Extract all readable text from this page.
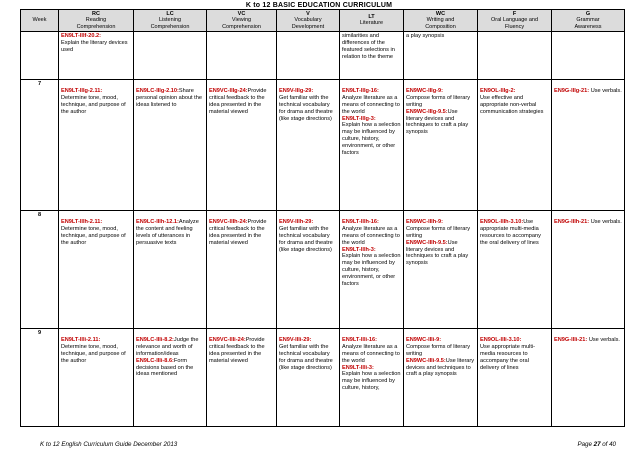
K to 12 BASIC EDUCATION CURRICULUM
Week	RC
Reading
Comprehension	LC
Listening
Comprehension	VC
Viewing
Comprehension	V
Vocabulary
Development	LT
Literature	WC
Writing and
Composition	F
Oral Language and
Fluency	G
Grammar
Awareness
	EN9LT-IIIf-20.2:
Explain the literary devices used				similarities and differences of the featured selections in relation to the theme	a play synopsis		
7	EN9LT-IIIg-2.11:
Determine tone, mood, technique, and purpose of the author	EN9LC-IIIg-2.10:Share personal opinion about the ideas listened to	EN9VC-IIIg-24:Provide critical feedback to the idea presented in the material viewed	EN9V-IIIg-29:
Get familiar with the technical vocabulary for drama and theatre (like stage directions)	EN9LT-IIIg-16:
Analyze literature as a means of connecting to the world
EN9LT-IIIg-3:
Explain how a selection may be influenced by culture, history, environment, or other factors	EN9WC-IIIg-9:
Compose forms of literary writing
EN9WC-IIIg-9.5:Use literary devices and techniques to craft a play synopsis	EN9OL-IIIg-2:
Use effective and appropriate non-verbal communication strategies	EN9G-IIIg-21: Use verbals.
8	EN9LT-IIIh-2.11:
Determine tone, mood, technique, and purpose of the author	EN9LC-IIIh-12.1:Analyze the content and feeling levels of utterances in persuasive texts	EN9VC-IIIh-24:Provide critical feedback to the idea presented in the material viewed	EN9V-IIIh-29:
Get familiar with the technical vocabulary for drama and theatre (like stage directions)	EN9LT-IIIh-16:
Analyze literature as a means of connecting to the world
EN9LT-IIIh-3:
Explain how a selection may be influenced by culture, history, environment, or other factors	EN9WC-IIIh-9:
Compose forms of literary writing
EN9WC-IIIh-9.5:Use literary devices and techniques to craft a play synopsis	EN9OL-IIIh-3.10:Use appropriate multi-media resources to accompany the oral delivery of lines	EN9G-IIIh-21: Use verbals.
9	EN9LT-IIIi-2.11:
Determine tone, mood, technique, and purpose of the author	EN9LC-IIIi-8.2:Judge the relevance and worth of information/ideas
EN9LC-IIIi-8.6:Form decisions based on the ideas mentioned	EN9VC-IIIi-24:Provide critical feedback to the idea presented in the material viewed	EN9V-IIIi-29:
Get familiar with the technical vocabulary for drama and theatre (like stage directions)	EN9LT-IIIi-16:
Analyze literature as a means of connecting to the world
EN9LT-IIIi-3:
Explain how a selection may be influenced by culture, history,	EN9WC-IIIi-9:
Compose forms of literary writing
EN9WC-IIIi-9.5:Use literary devices and techniques to craft a play synopsis	EN9OL-IIIi-3.10:
Use appropriate multi-media resources to accompany the oral delivery of lines	EN9G-IIIi-21: Use verbals.
K to 12 English Curriculum Guide December 2013	Page 27 of 40
